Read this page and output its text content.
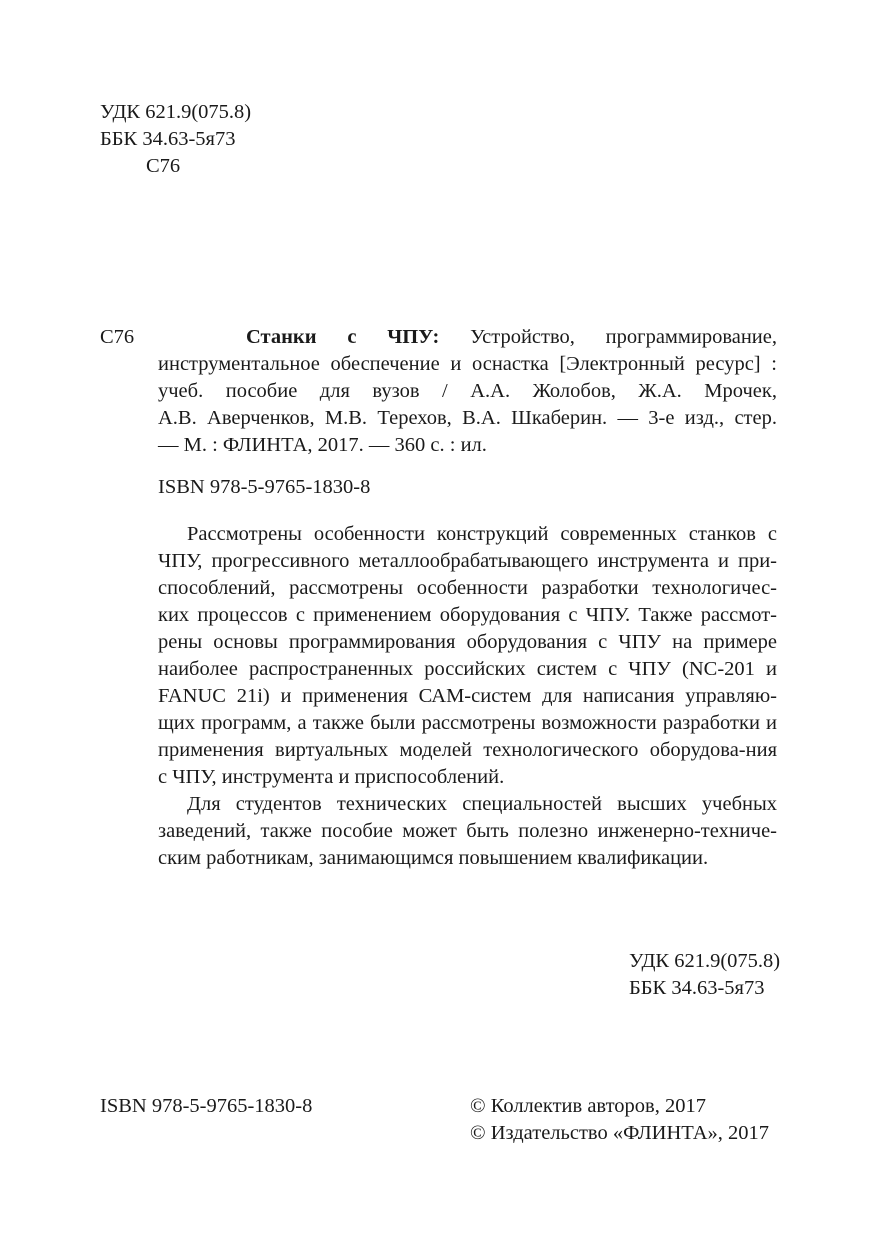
УДК 621.9(075.8)
ББК 34.63-5я73
С76
С76	Станки с ЧПУ: Устройство, программирование,
инструментальное обеспечение и оснастка [Электронный ресурс] :
учеб. пособие для вузов / А.А. Жолобов, Ж.А. Мрочек,
А.В. Аверченков, М.В. Терехов, В.А. Шкаберин. — 3-е изд., стер.
— М. : ФЛИНТА, 2017. — 360 с. : ил.
ISBN 978-5-9765-1830-8
Рассмотрены особенности конструкций современных станков с
ЧПУ, прогрессивного металлообрабатывающего инструмента и при-
способлений, рассмотрены особенности разработки технологичес-
ких процессов с применением оборудования с ЧПУ. Также рассмот-
рены основы программирования оборудования с ЧПУ на примере
наиболее распространенных российских систем с ЧПУ (NC-201 и
FANUC 21i) и применения САМ-систем для написания управляю-
щих программ, а также были рассмотрены возможности разработки и
применения виртуальных моделей технологического оборудова-ния
с ЧПУ, инструмента и приспособлений.
Для студентов технических специальностей высших учебных
заведений, также пособие может быть полезно инженерно-техниче-
ским работникам, занимающимся повышением квалификации.
УДК 621.9(075.8)
ББК 34.63-5я73
ISBN 978-5-9765-1830-8	© Коллектив авторов, 2017
© Издательство «ФЛИНТА», 2017
